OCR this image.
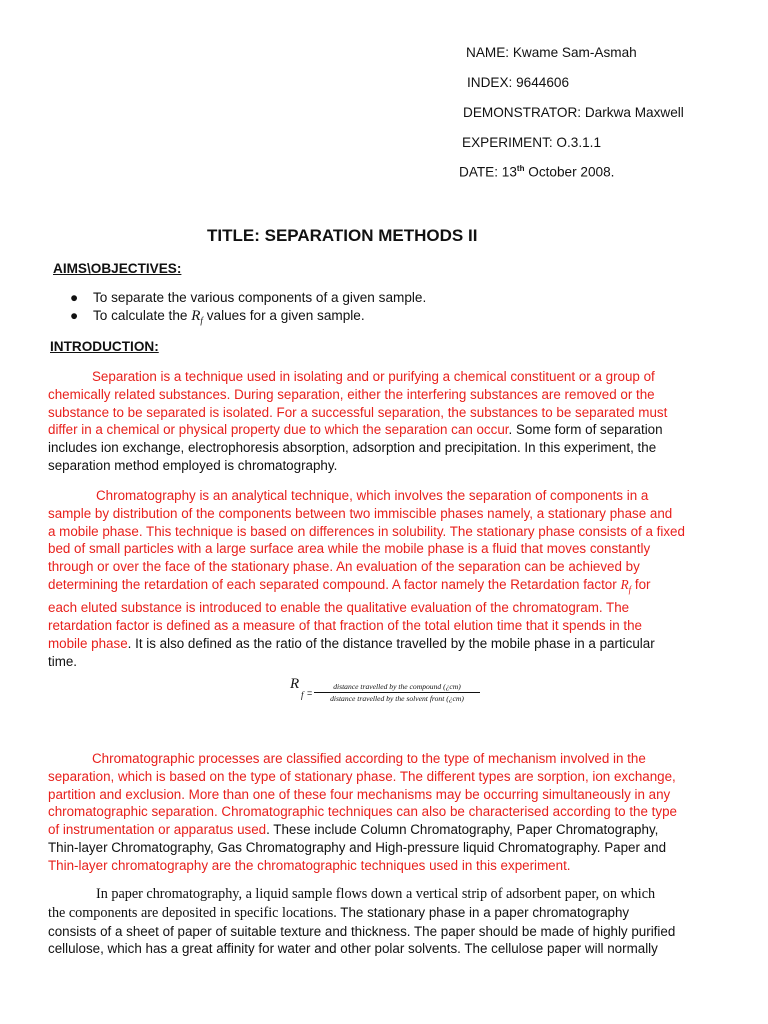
NAME: Kwame Sam-Asmah
INDEX: 9644606
DEMONSTRATOR: Darkwa Maxwell
EXPERIMENT: O.3.1.1
DATE: 13th October 2008.
TITLE: SEPARATION METHODS II
AIMS\OBJECTIVES:
● To separate the various components of a given sample.
● To calculate the $R_f$ values for a given sample.
INTRODUCTION:
Separation is a technique used in isolating and or purifying a chemical constituent or a group of
chemically related substances. During separation, either the interfering substances are removed or the
substance to be separated is isolated. For a successful separation, the substances to be separated must
differ in a chemical or physical property due to which the separation can occur. Some form of separation
includes ion exchange, electrophoresis absorption, adsorption and precipitation. In this experiment, the
separation method employed is chromatography.
Chromatography is an analytical technique, which involves the separation of components in a
sample by distribution of the components between two immiscible phases namely, a stationary phase and
a mobile phase. This technique is based on differences in solubility. The stationary phase consists of a fixed
bed of small particles with a large surface area while the mobile phase is a fluid that moves constantly
through or over the face of the stationary phase. An evaluation of the separation can be achieved by
determining the retardation of each separated compound. A factor namely the Retardation factor $R_f$ for
each eluted substance is introduced to enable the qualitative evaluation of the chromatogram. The
retardation factor is defined as a measure of that fraction of the total elution time that it spends in the
mobile phase. It is also defined as the ratio of the distance travelled by the mobile phase in a particular
time.
R
f =
distance travelled by the compound (¿cm)
distance travelled by the solvent front (¿cm)
Chromatographic processes are classified according to the type of mechanism involved in the
separation, which is based on the type of stationary phase. The different types are sorption, ion exchange,
partition and exclusion. More than one of these four mechanisms may be occurring simultaneously in any
chromatographic separation. Chromatographic techniques can also be characterised according to the type
of instrumentation or apparatus used. These include Column Chromatography, Paper Chromatography,
Thin-layer Chromatography, Gas Chromatography and High-pressure liquid Chromatography. Paper and
Thin-layer chromatography are the chromatographic techniques used in this experiment.
In paper chromatography, a liquid sample flows down a vertical strip of adsorbent paper, on which
the components are deposited in specific locations. The stationary phase in a paper chromatography
consists of a sheet of paper of suitable texture and thickness. The paper should be made of highly purified
cellulose, which has a great affinity for water and other polar solvents. The cellulose paper will normally
